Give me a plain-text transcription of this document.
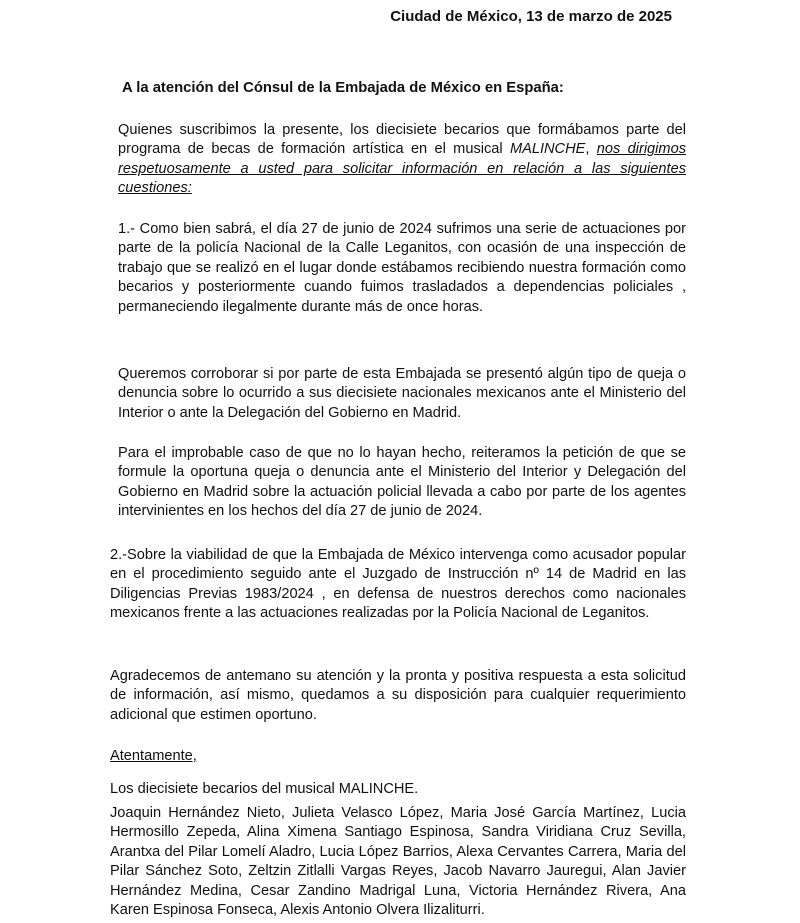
Ciudad de México, 13 de marzo de 2025
A la atención del Cónsul de la Embajada de México en España:

Quienes suscribimos la presente, los diecisiete becarios que formábamos parte del programa de becas de formación artística en el musical MALINCHE, nos dirigimos respetuosamente a usted para solicitar información en relación a las siguientes cuestiones:

1.- Como bien sabrá, el día 27 de junio de 2024 sufrimos una serie de actuaciones por parte de la policía Nacional de la Calle Leganitos, con ocasión de una inspección de trabajo que se realizó en el lugar donde estábamos recibiendo nuestra formación como becarios y posteriormente cuando fuimos trasladados a dependencias policiales , permaneciendo ilegalmente durante más de once horas.

Queremos corroborar si por parte de esta Embajada se presentó algún tipo de queja o denuncia sobre lo ocurrido a sus diecisiete nacionales mexicanos ante el Ministerio del Interior o ante la Delegación del Gobierno en Madrid.

Para el improbable caso de que no lo hayan hecho, reiteramos la petición de que se formule la oportuna queja o denuncia ante el Ministerio del Interior y Delegación del Gobierno en Madrid sobre la actuación policial llevada a cabo por parte de los agentes intervinientes en los hechos del día 27 de junio de 2024.

2.-Sobre la viabilidad de que la Embajada de México intervenga como acusador popular en el procedimiento seguido ante el Juzgado de Instrucción nº 14 de Madrid en las Diligencias Previas 1983/2024 , en defensa de nuestros derechos como nacionales mexicanos frente a las actuaciones realizadas por la Policía Nacional de Leganitos.

Agradecemos de antemano su atención y la pronta y positiva respuesta a esta solicitud de información, así mismo, quedamos a su disposición para cualquier requerimiento adicional que estimen oportuno.

Atentamente,

Los diecisiete becarios del musical MALINCHE.

Joaquin Hernández Nieto, Julieta Velasco López, Maria José García Martínez, Lucia Hermosillo Zepeda, Alina Ximena Santiago Espinosa, Sandra Viridiana Cruz Sevilla, Arantxa del Pilar Lomelí Aladro, Lucia López Barrios, Alexa Cervantes Carrera, Maria del Pilar Sánchez Soto, Zeltzin Zitlalli Vargas Reyes, Jacob Navarro Jauregui, Alan Javier Hernández Medina, Cesar Zandino Madrigal Luna, Victoria Hernández Rivera, Ana Karen Espinosa Fonseca, Alexis Antonio Olvera Ilizaliturri.
